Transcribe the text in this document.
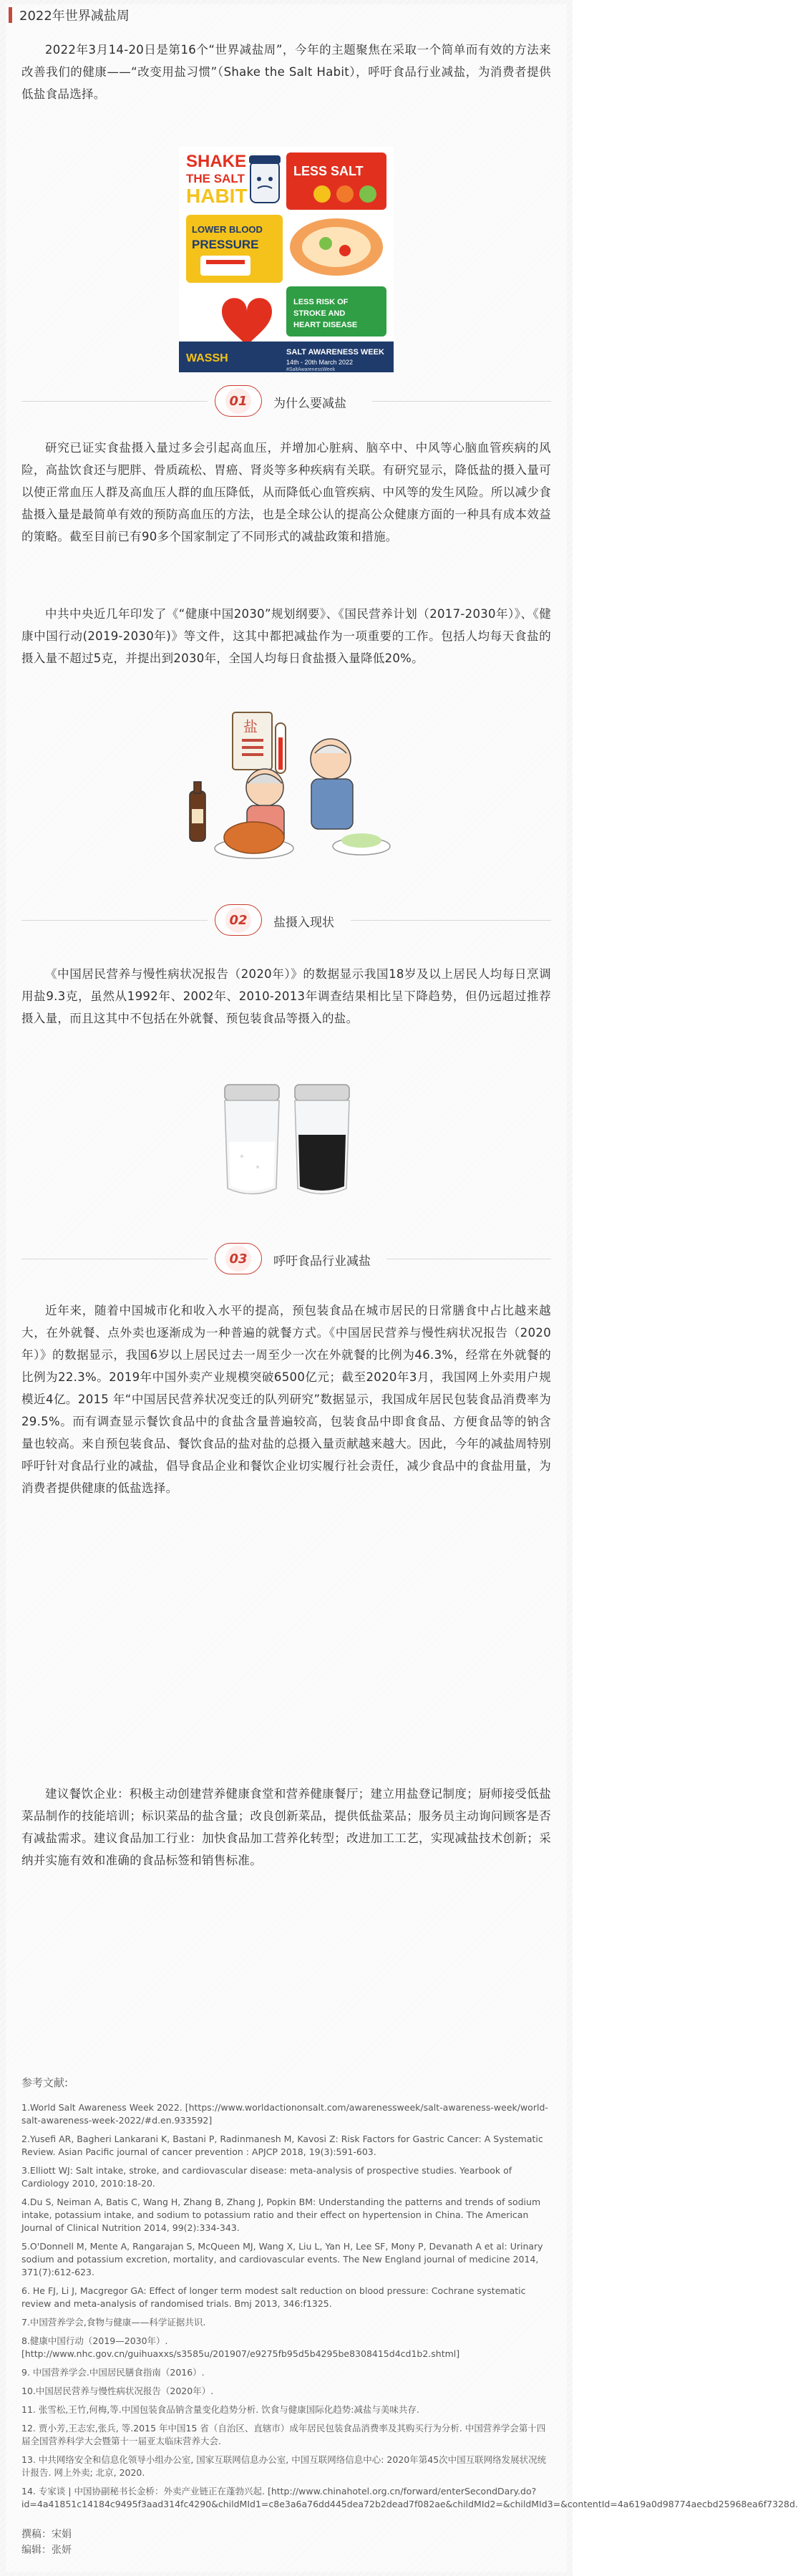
2022年世界减盐周
2022年3月14-20日是第16个“世界减盐周”，今年的主题聚焦在采取一个简单而有效的方法来改善我们的健康——“改变用盐习惯”（Shake the Salt Habit），呼吁食品行业减盐，为消费者提供低盐食品选择。
SHAKE
THE SALT
HABIT
LESS SALT
LOWER BLOOD
PRESSURE
LESS RISK OF
STROKE AND
HEART DISEASE
WASSH	SALT AWARENESS WEEK
14th - 20th March 2022
#SaltAwarenessWeek
01	为什么要减盐
研究已证实食盐摄入量过多会引起高血压，并增加心脏病、脑卒中、中风等心脑血管疾病的风险，高盐饮食还与肥胖、骨质疏松、胃癌、肾炎等多种疾病有关联。有研究显示，降低盐的摄入量可以使正常血压人群及高血压人群的血压降低，从而降低心血管疾病、中风等的发生风险。所以减少食盐摄入量是最简单有效的预防高血压的方法，也是全球公认的提高公众健康方面的一种具有成本效益的策略。截至目前已有90多个国家制定了不同形式的减盐政策和措施。
中共中央近几年印发了《“健康中国2030”规划纲要》、《国民营养计划（2017-2030年）》、《健康中国行动(2019-2030年)》等文件，这其中都把减盐作为一项重要的工作。包括人均每天食盐的摄入量不超过5克，并提出到2030年，全国人均每日食盐摄入量降低20%。
盐
02	盐摄入现状
《中国居民营养与慢性病状况报告（2020年）》的数据显示我国18岁及以上居民人均每日烹调用盐9.3克，虽然从1992年、2002年、2010-2013年调查结果相比呈下降趋势，但仍远超过推荐摄入量，而且这其中不包括在外就餐、预包装食品等摄入的盐。
03	呼吁食品行业减盐
近年来，随着中国城市化和收入水平的提高，预包装食品在城市居民的日常膳食中占比越来越大，在外就餐、点外卖也逐渐成为一种普遍的就餐方式。《中国居民营养与慢性病状况报告（2020年）》的数据显示，我国6岁以上居民过去一周至少一次在外就餐的比例为46.3%，经常在外就餐的比例为22.3%。2019年中国外卖产业规模突破6500亿元；截至2020年3月，我国网上外卖用户规模近4亿。2015 年“中国居民营养状况变迁的队列研究”数据显示，我国成年居民包装食品消费率为29.5%。而有调查显示餐饮食品中的食盐含量普遍较高，包装食品中即食食品、方便食品等的钠含量也较高。来自预包装食品、餐饮食品的盐对盐的总摄入量贡献越来越大。因此，今年的减盐周特别呼吁针对食品行业的减盐，倡导食品企业和餐饮企业切实履行社会责任，减少食品中的食盐用量，为消费者提供健康的低盐选择。
建议餐饮企业：积极主动创建营养健康食堂和营养健康餐厅；建立用盐登记制度；厨师接受低盐菜品制作的技能培训；标识菜品的盐含量；改良创新菜品，提供低盐菜品；服务员主动询问顾客是否有减盐需求。建议食品加工行业：加快食品加工营养化转型；改进加工工艺，实现减盐技术创新；采纳并实施有效和准确的食品标签和销售标准。
参考文献:
1.World Salt Awareness Week 2022. [https://www.worldactiononsalt.com/awarenessweek/salt-awareness-week/world-salt-awareness-week-2022/#d.en.933592]
2.Yusefi AR, Bagheri Lankarani K, Bastani P, Radinmanesh M, Kavosi Z: Risk Factors for Gastric Cancer: A Systematic Review. Asian Pacific journal of cancer prevention : APJCP 2018, 19(3):591-603.
3.Elliott WJ: Salt intake, stroke, and cardiovascular disease: meta-analysis of prospective studies. Yearbook of Cardiology 2010, 2010:18-20.
4.Du S, Neiman A, Batis C, Wang H, Zhang B, Zhang J, Popkin BM: Understanding the patterns and trends of sodium intake, potassium intake, and sodium to potassium ratio and their effect on hypertension in China. The American Journal of Clinical Nutrition 2014, 99(2):334-343.
5.O'Donnell M, Mente A, Rangarajan S, McQueen MJ, Wang X, Liu L, Yan H, Lee SF, Mony P, Devanath A et al: Urinary sodium and potassium excretion, mortality, and cardiovascular events. The New England journal of medicine 2014, 371(7):612-623.
6. He FJ, Li J, Macgregor GA: Effect of longer term modest salt reduction on blood pressure: Cochrane systematic review and meta-analysis of randomised trials. Bmj 2013, 346:f1325.
7.中国营养学会,食物与健康——科学证据共识.
8.健康中国行动（2019—2030年）. [http://www.nhc.gov.cn/guihuaxxs/s3585u/201907/e9275fb95d5b4295be8308415d4cd1b2.shtml]
9. 中国营养学会.中国居民膳食指南（2016）.
10.中国居民营养与慢性病状况报告（2020年）.
11. 张雪松,王竹,何梅,等.中国包装食品钠含量变化趋势分析. 饮食与健康国际化趋势:减盐与美味共存.
12. 贾小芳,王志宏,张兵, 等.2015 年中国15 省（自治区、直辖市）成年居民包装食品消费率及其购买行为分析. 中国营养学会第十四届全国营养科学大会暨第十一届亚太临床营养大会.
13. 中共网络安全和信息化领导小组办公室, 国家互联网信息办公室, 中国互联网络信息中心: 2020年第45次中国互联网络发展状况统计报告. 网上外卖; 北京, 2020.
14. 专家谈 | 中国协副秘书长金桥：外卖产业链正在蓬勃兴起. [http://www.chinahotel.org.cn/forward/enterSecondDary.do?id=4a41851c14184c9495f3aad314fc4290&childMId1=c8e3a6a76dd445dea72b2dead7f082ae&childMId2=&childMId3=&contentId=4a619a0d98774aecbd25968ea6f7328d.
撰稿：宋娟
编辑：张妍
